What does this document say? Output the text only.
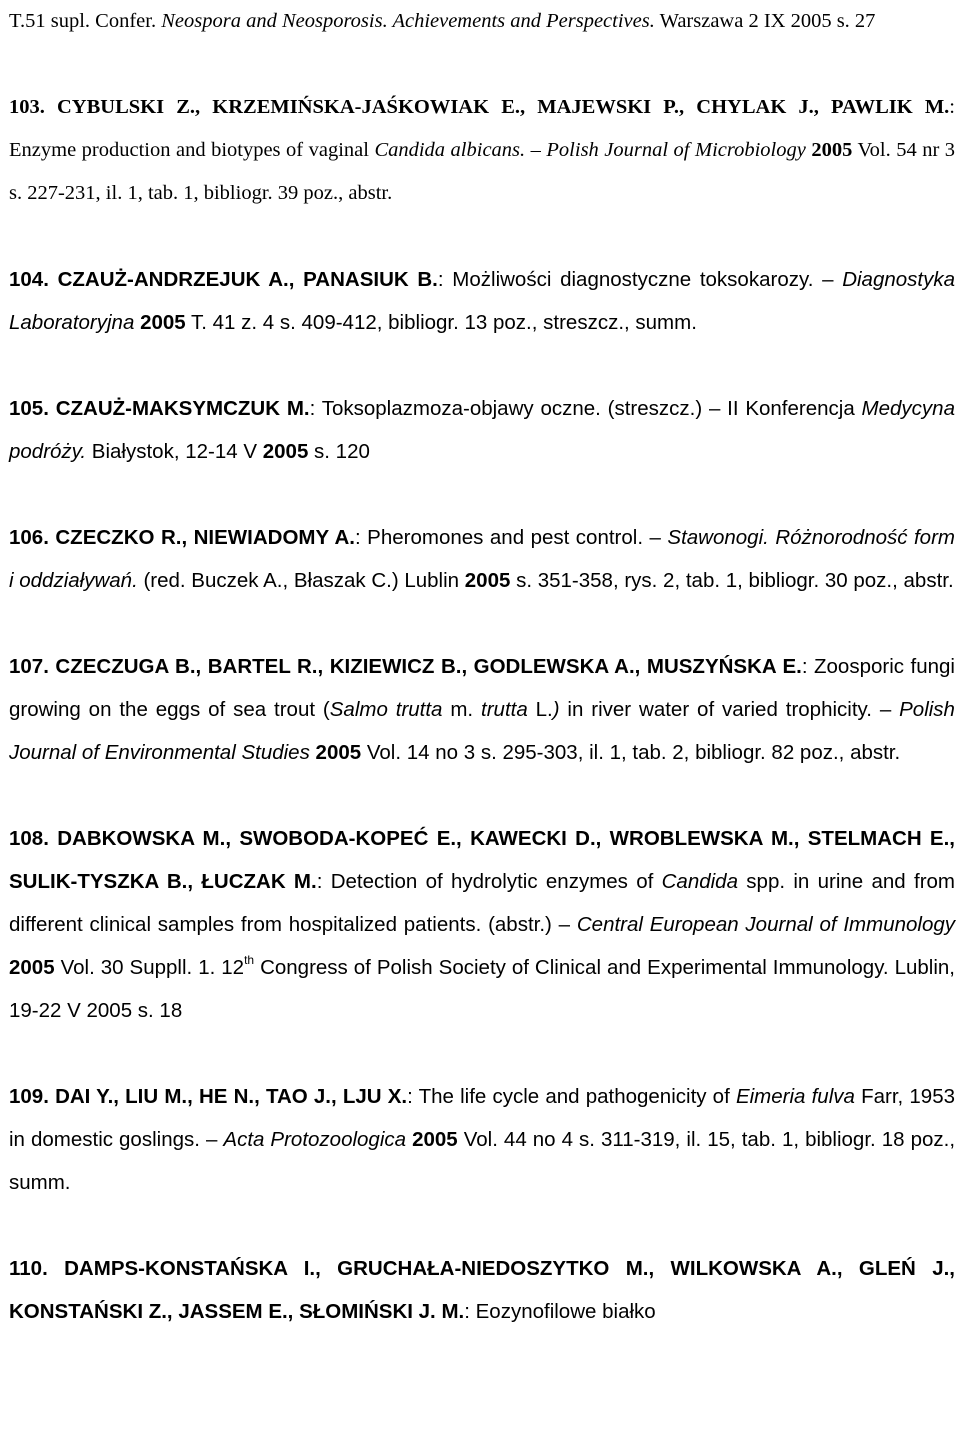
T.51 supl. Confer. Neospora and Neosporosis. Achievements and Perspectives. Warszawa 2 IX 2005 s. 27

103. CYBULSKI Z., KRZEMIŃSKA-JAŚKOWIAK E., MAJEWSKI P., CHYLAK J., PAWLIK M.: Enzyme production and biotypes of vaginal Candida albicans. – Polish Journal of Microbiology 2005 Vol. 54 nr 3 s. 227-231, il. 1, tab. 1, bibliogr. 39 poz., abstr.

104. CZAUŻ-ANDRZEJUK A., PANASIUK B.: Możliwości diagnostyczne toksokarozy. – Diagnostyka Laboratoryjna 2005 T. 41 z. 4 s. 409-412, bibliogr. 13 poz., streszcz., summ.

105. CZAUŻ-MAKSYMCZUK M.: Toksoplazmoza-objawy oczne. (streszcz.) – II Konferencja Medycyna podróży. Białystok, 12-14 V 2005 s. 120

106. CZECZKO R., NIEWIADOMY A.: Pheromones and pest control. – Stawonogi. Różnorodność form i oddziaływań. (red. Buczek A., Błaszak C.) Lublin 2005 s. 351-358, rys. 2, tab. 1, bibliogr. 30 poz., abstr.

107. CZECZUGA B., BARTEL R., KIZIEWICZ B., GODLEWSKA A., MUSZYŃSKA E.: Zoosporic fungi growing on the eggs of sea trout (Salmo trutta m. trutta L.) in river water of varied trophicity. – Polish Journal of Environmental Studies 2005 Vol. 14 no 3 s. 295-303, il. 1, tab. 2, bibliogr. 82 poz., abstr.

108. DABKOWSKA M., SWOBODA-KOPEĆ E., KAWECKI D., WROBLEWSKA M., STELMACH E., SULIK-TYSZKA B., ŁUCZAK M.: Detection of hydrolytic enzymes of Candida spp. in urine and from different clinical samples from hospitalized patients. (abstr.) – Central European Journal of Immunology 2005 Vol. 30 Suppll. 1. 12th Congress of Polish Society of Clinical and Experimental Immunology. Lublin, 19-22 V 2005 s. 18

109. DAI Y., LIU M., HE N., TAO J., LJU X.: The life cycle and pathogenicity of Eimeria fulva Farr, 1953 in domestic goslings. – Acta Protozoologica 2005 Vol. 44 no 4 s. 311-319, il. 15, tab. 1, bibliogr. 18 poz., summ.

110. DAMPS-KONSTAŃSKA I., GRUCHAŁA-NIEDOSZYTKO M., WILKOWSKA A., GLEŃ J., KONSTAŃSKI Z., JASSEM E., SŁOMIŃSKI J. M.: Eozynofilowe białko
